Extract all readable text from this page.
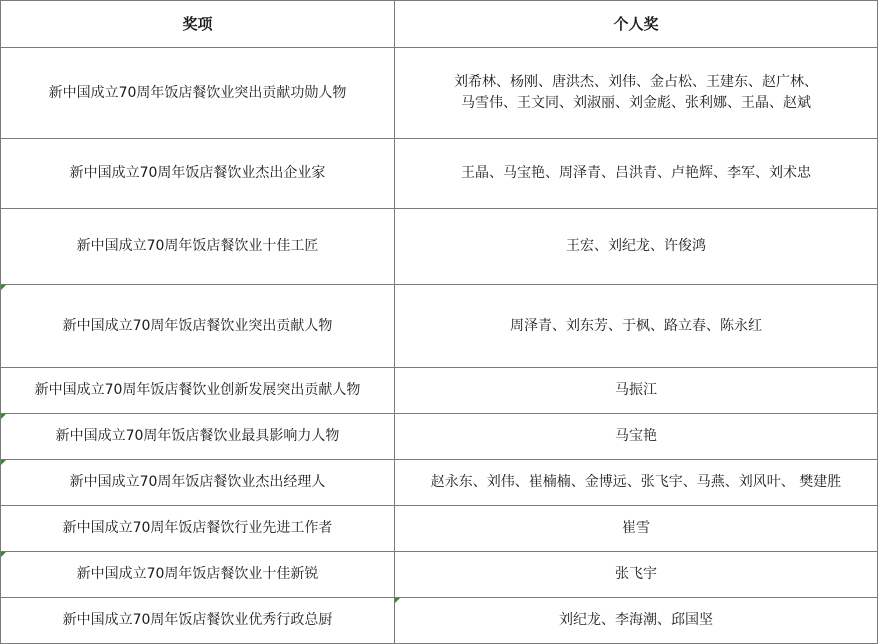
奖项	个人奖
新中国成立70周年饭店餐饮业突出贡献功勋人物	刘希林、杨刚、唐洪杰、刘伟、金占松、王建东、赵广林、
马雪伟、王文同、刘淑丽、刘金彪、张利娜、王晶、赵斌

新中国成立70周年饭店餐饮业杰出企业家	王晶、马宝艳、周泽青、吕洪青、卢艳辉、李军、刘术忠
新中国成立70周年饭店餐饮业十佳工匠	王宏、刘纪龙、许俊鸿
新中国成立70周年饭店餐饮业突出贡献人物	周泽青、刘东芳、于枫、路立春、陈永红
新中国成立70周年饭店餐饮业创新发展突出贡献人物	马振江
新中国成立70周年饭店餐饮业最具影响力人物	马宝艳
新中国成立70周年饭店餐饮业杰出经理人	赵永东、刘伟、崔楠楠、金博远、张飞宇、马燕、刘风叶、 樊建胜
新中国成立70周年饭店餐饮行业先进工作者	崔雪
新中国成立70周年饭店餐饮业十佳新锐	张飞宇
新中国成立70周年饭店餐饮业优秀行政总厨	刘纪龙、李海潮、邱国坚
